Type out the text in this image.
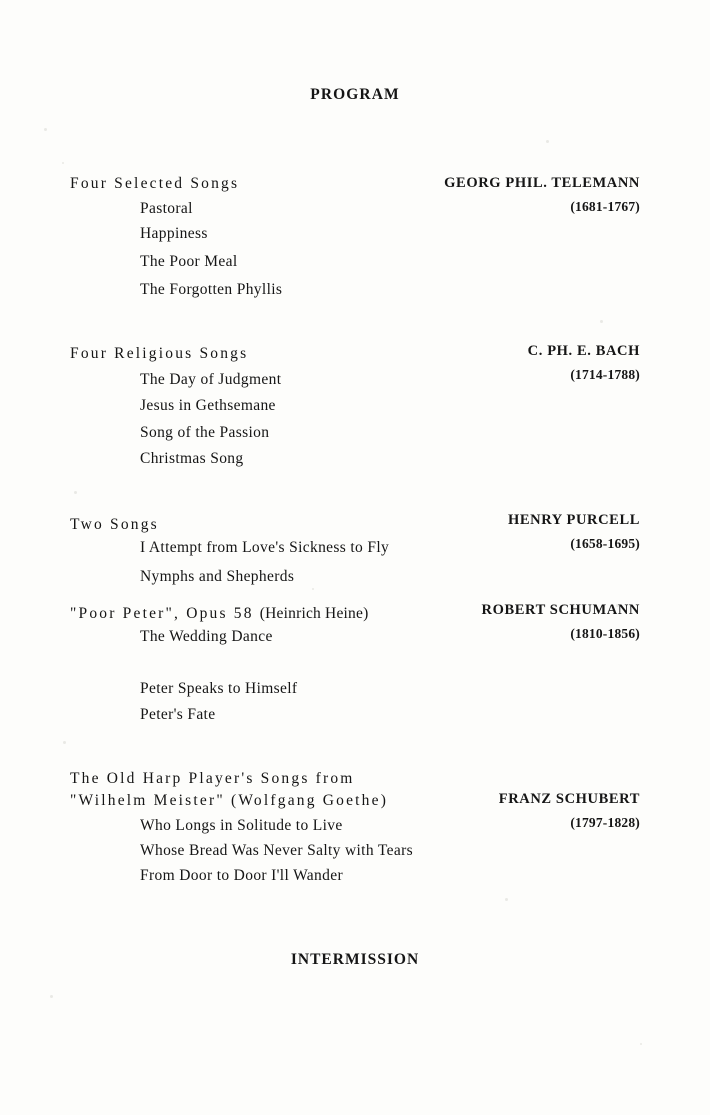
PROGRAM
Four Selected Songs	GEORG PHIL. TELEMANN
(1681-1767)
Pastoral
Happiness
The Poor Meal
The Forgotten Phyllis
Four Religious Songs	C. PH. E. BACH
(1714-1788)
The Day of Judgment
Jesus in Gethsemane
Song of the Passion
Christmas Song
Two Songs	HENRY PURCELL
(1658-1695)
I Attempt from Love's Sickness to Fly
Nymphs and Shepherds
"Poor Peter", Opus 58 (Heinrich Heine)	ROBERT SCHUMANN
(1810-1856)
The Wedding Dance
Peter Speaks to Himself
Peter's Fate
The Old Harp Player's Songs from
"Wilhelm Meister" (Wolfgang Goethe)	FRANZ SCHUBERT
(1797-1828)
Who Longs in Solitude to Live
Whose Bread Was Never Salty with Tears
From Door to Door I'll Wander
INTERMISSION
